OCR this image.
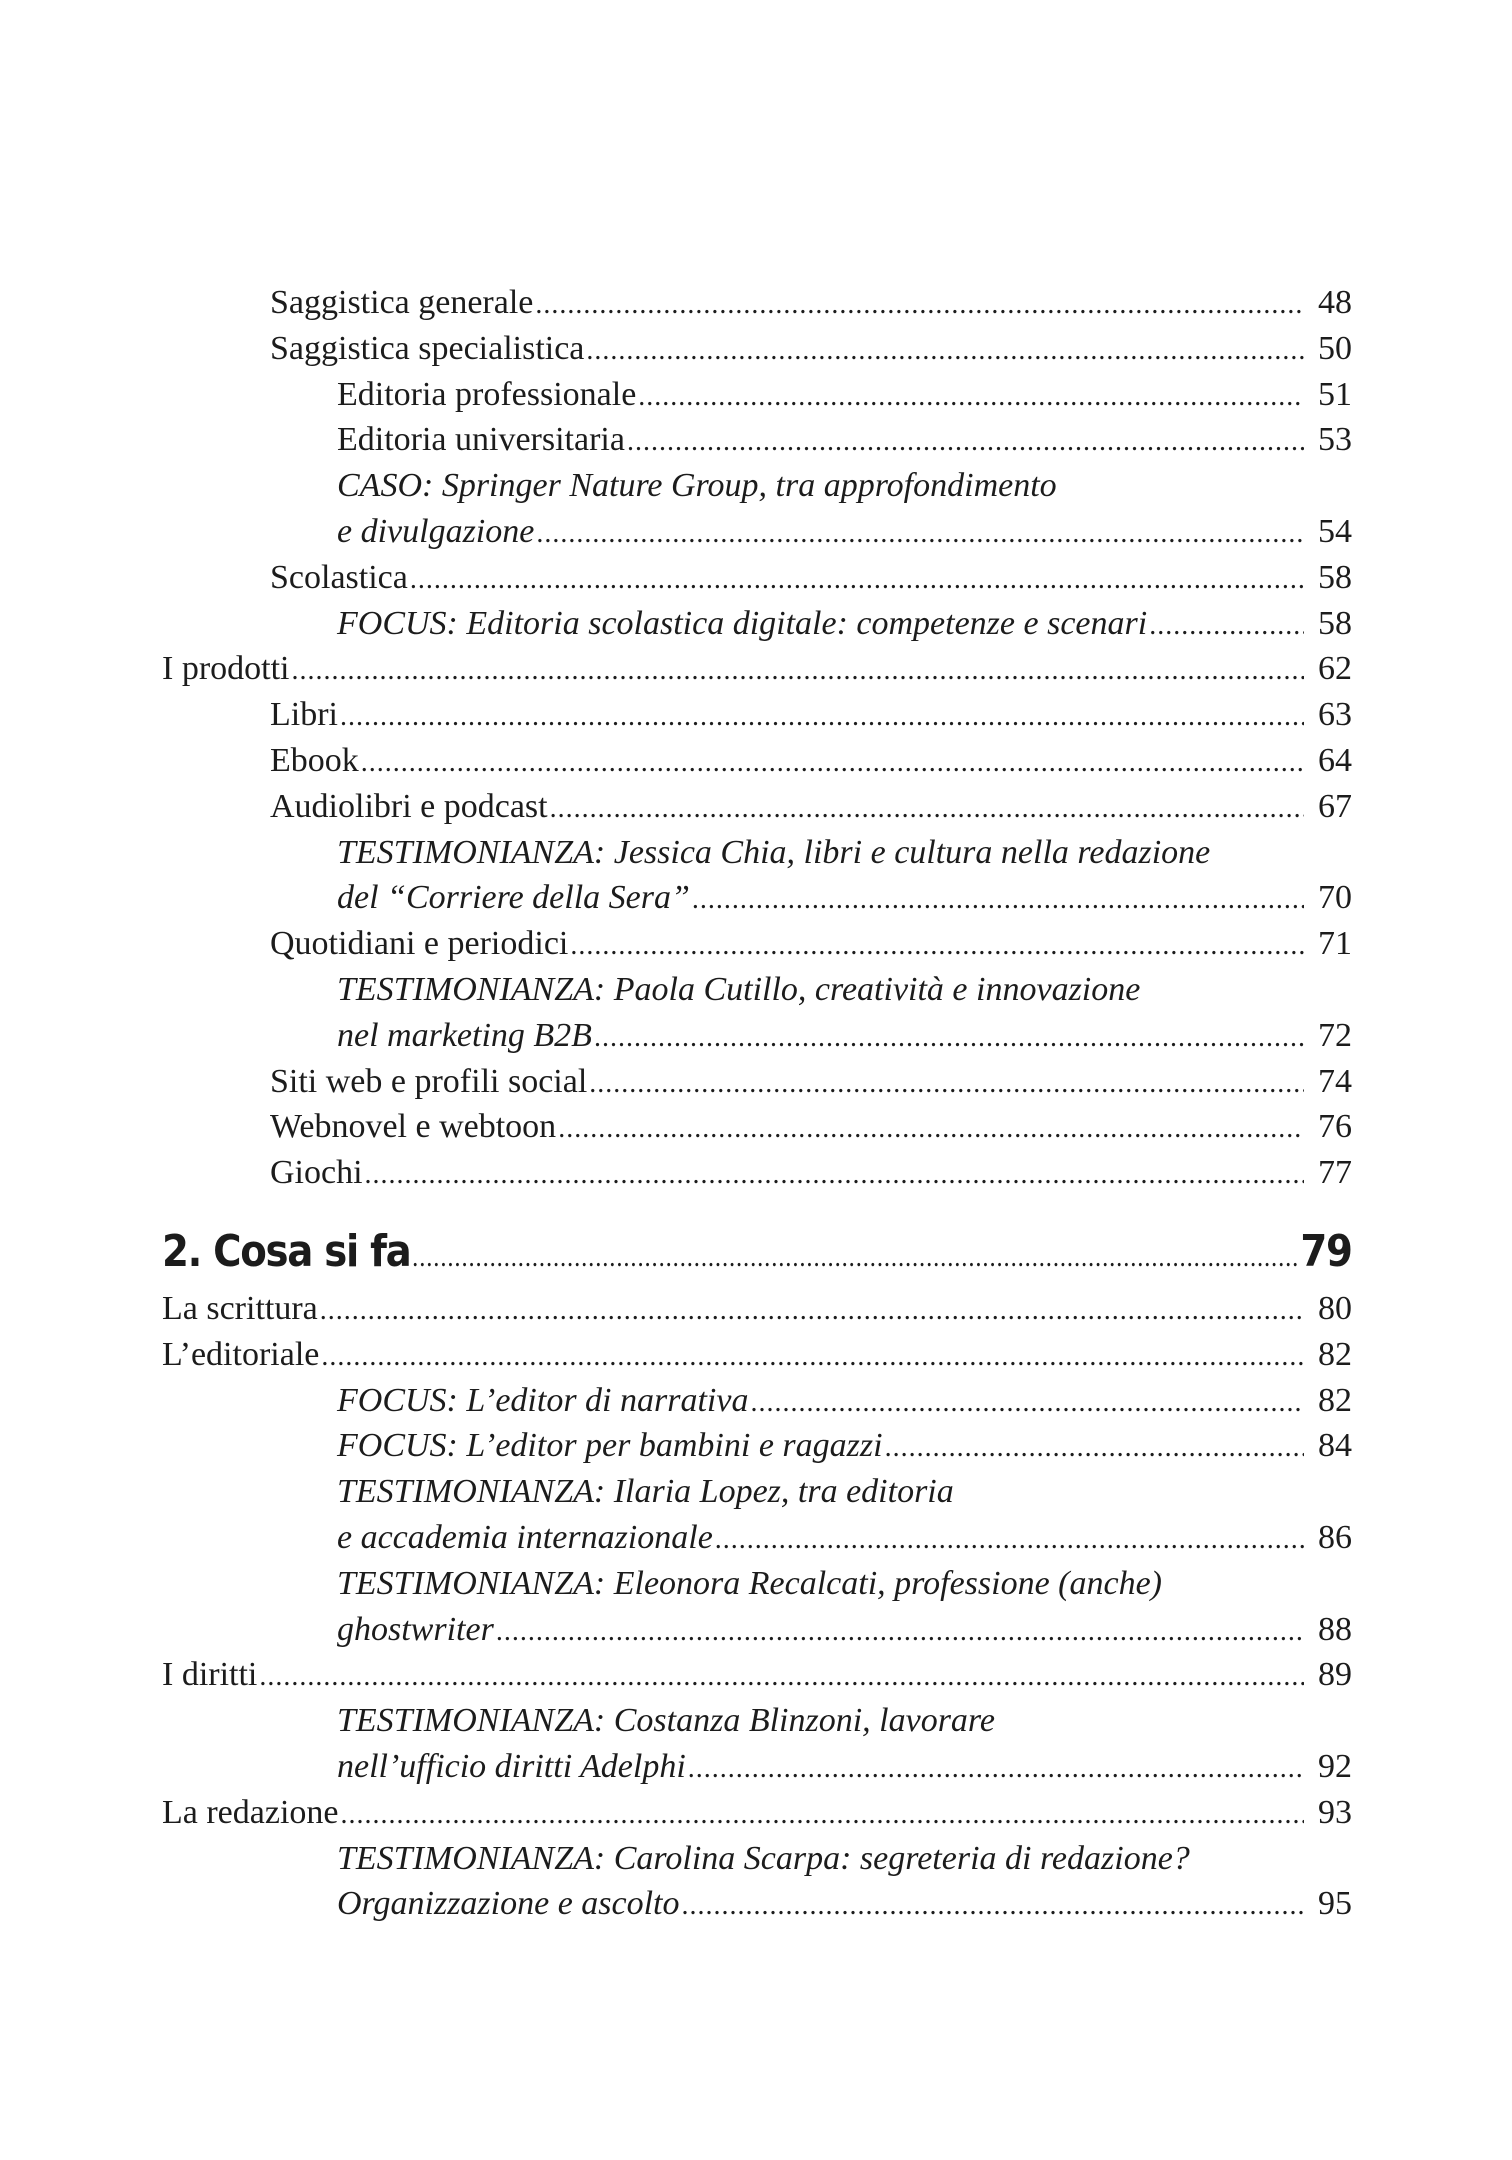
Saggistica generale .....	48
Saggistica specialistica .....	50
Editoria professionale .....	51
Editoria universitaria .....	53
CASO: Springer Nature Group, tra approfondimento
e divulgazione .....	54
Scolastica .....	58
FOCUS: Editoria scolastica digitale: competenze e scenari .....	58
I prodotti .....	62
Libri .....	63
Ebook .....	64
Audiolibri e podcast .....	67
TESTIMONIANZA: Jessica Chia, libri e cultura nella redazione
del “Corriere della Sera” .....	70
Quotidiani e periodici .....	71
TESTIMONIANZA: Paola Cutillo, creatività e innovazione
nel marketing B2B .....	72
Siti web e profili social .....	74
Webnovel e webtoon .....	76
Giochi .....	77
2. Cosa si fa .....	79
La scrittura .....	80
L’editoriale .....	82
FOCUS: L’editor di narrativa .....	82
FOCUS: L’editor per bambini e ragazzi .....	84
TESTIMONIANZA: Ilaria Lopez, tra editoria
e accademia internazionale .....	86
TESTIMONIANZA: Eleonora Recalcati, professione (anche)
ghostwriter .....	88
I diritti .....	89
TESTIMONIANZA: Costanza Blinzoni, lavorare
nell’ufficio diritti Adelphi .....	92
La redazione .....	93
TESTIMONIANZA: Carolina Scarpa: segreteria di redazione?
Organizzazione e ascolto .....	95
